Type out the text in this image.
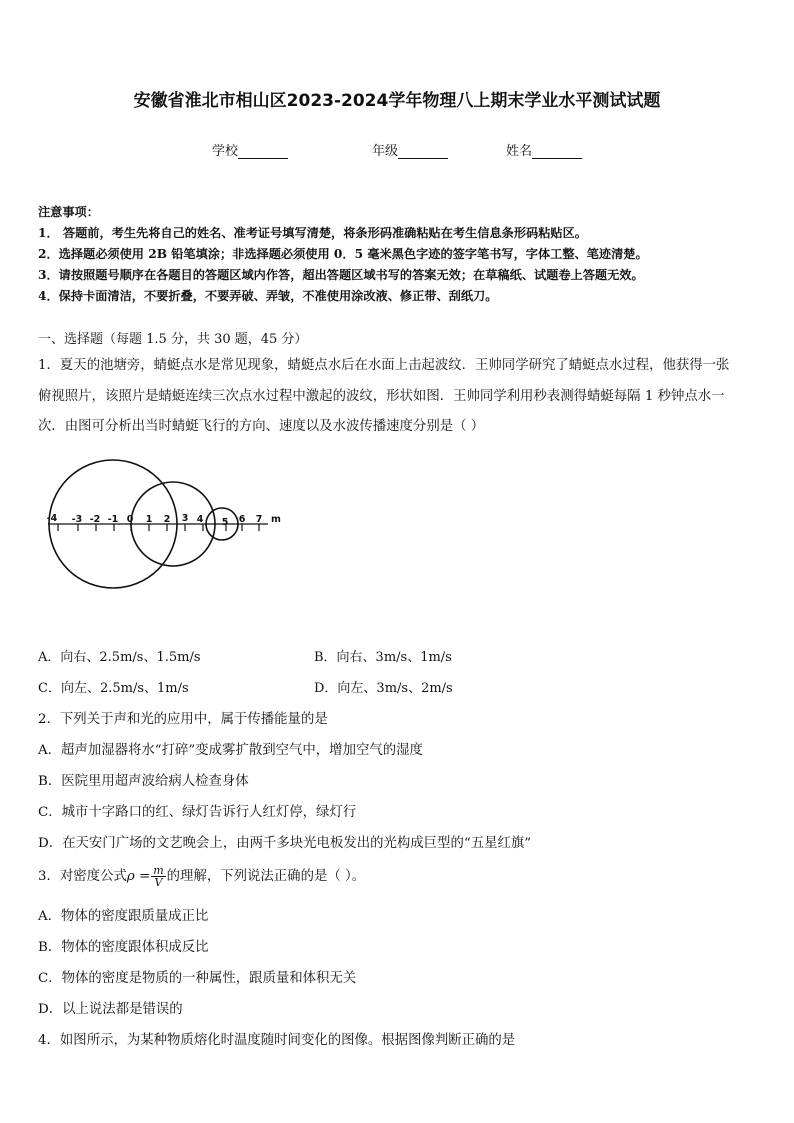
安徽省淮北市相山区2023-2024学年物理八上期末学业水平测试试题
学校	年级	姓名
注意事项：
1． 答题前，考生先将自己的姓名、准考证号填写清楚，将条形码准确粘贴在考生信息条形码粘贴区。
2．选择题必须使用 2B 铅笔填涂；非选择题必须使用 0．5 毫米黑色字迹的签字笔书写，字体工整、笔迹清楚。
3．请按照题号顺序在各题目的答题区域内作答，超出答题区域书写的答案无效；在草稿纸、试题卷上答题无效。
4．保持卡面清洁，不要折叠，不要弄破、弄皱，不准使用涂改液、修正带、刮纸刀。
一、选择题（每题 1.5 分，共 30 题，45 分）
1．夏天的池塘旁，蜻蜓点水是常见现象，蜻蜓点水后在水面上击起波纹．王帅同学研究了蜻蜓点水过程，他获得一张
俯视照片，该照片是蜻蜓连续三次点水过程中激起的波纹，形状如图．王帅同学利用秒表测得蜻蜓每隔 1 秒钟点水一
次．由图可分析出当时蜻蜓飞行的方向、速度以及水波传播速度分别是（ ）
-4 -3 -2 -1 0 1 2 3 4 5 6 7 m
A．向右、2.5m/s、1.5m/s	B．向右、3m/s、1m/s
C．向左、2.5m/s、1m/s	D．向左、3m/s、2m/s
2．下列关于声和光的应用中，属于传播能量的是
A．超声加湿器将水“打碎”变成雾扩散到空气中，增加空气的湿度
B．医院里用超声波给病人检查身体
C．城市十字路口的红、绿灯告诉行人红灯停，绿灯行
D．在天安门广场的文艺晚会上，由两千多块光电板发出的光构成巨型的“五星红旗”
3．对密度公式$\rho = \frac{m}{V}$ 的理解，下列说法正确的是（ ）。
A．物体的密度跟质量成正比
B．物体的密度跟体积成反比
C．物体的密度是物质的一种属性，跟质量和体积无关
D．以上说法都是错误的
4．如图所示，为某种物质熔化时温度随时间变化的图像。根据图像判断正确的是
